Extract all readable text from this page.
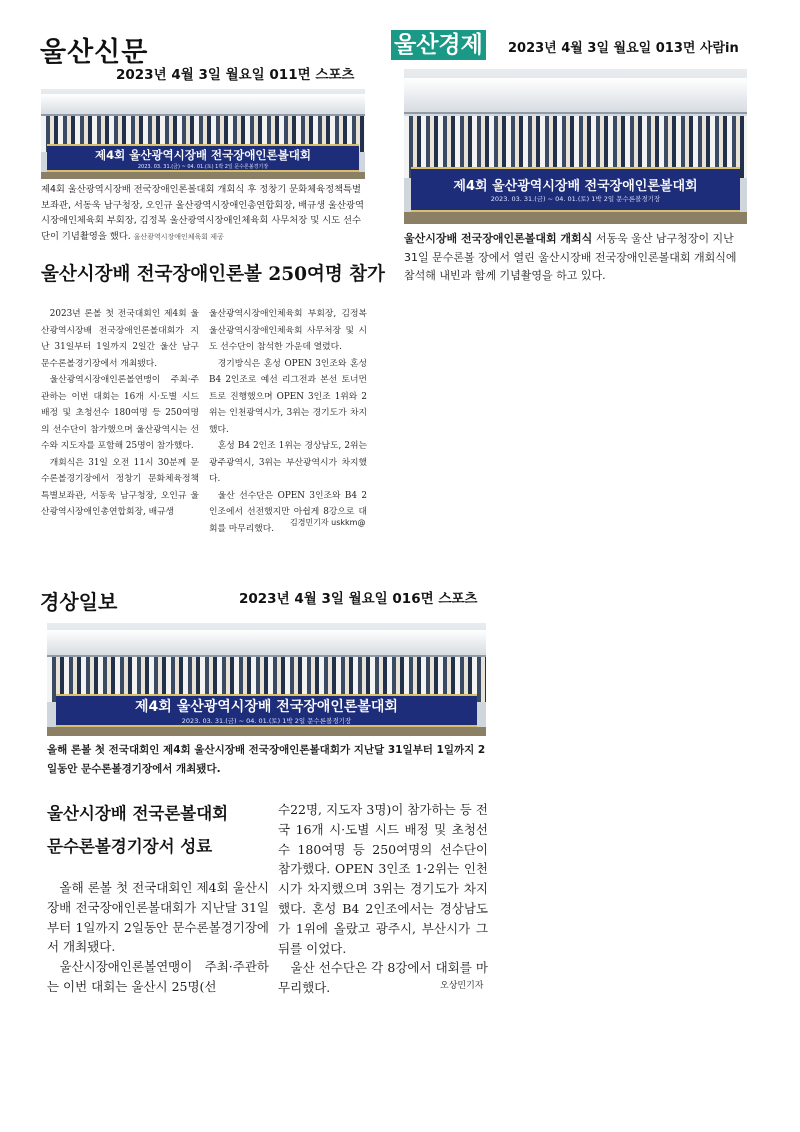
울산신문
2023년 4월 3일 월요일 011면 스포츠
제4회 울산광역시장배 전국장애인론볼대회
2023. 03. 31.(금) ~ 04. 01.(토) 1박 2일 문수론볼경기장
제4회 울산광역시장배 전국장애인론볼대회 개회식 후 정창기 문화체육정책특별보좌관, 서동욱 남구청장, 오인규 울산광역시장애인총연합회장, 배규생 울산광역시장애인체육회 부회장, 김정복 울산광역시장애인체육회 사무처장 및 시도 선수단이 기념촬영을 했다. 울산광역시장애인체육회 제공
울산시장배 전국장애인론볼 250여명 참가

2023년 론볼 첫 전국대회인 제4회 울산광역시장배 전국장애인론볼대회가 지난 31일부터 1일까지 2일간 울산 남구 문수론볼경기장에서 개최됐다.

울산광역시장애인론볼연맹이 주최·주관하는 이번 대회는 16개 시·도별 시드 배정 및 초청선수 180여명 등 250여명의 선수단이 참가했으며 울산광역시는 선수와 지도자를 포함해 25명이 참가했다.

개회식은 31일 오전 11시 30분께 문수론볼경기장에서 정창기 문화체육정책특별보좌관, 서동욱 남구청장, 오인규 울산광역시장애인총연합회장, 배규생

울산광역시장애인체육회 부회장, 김정복 울산광역시장애인체육회 사무처장 및 시도 선수단이 참석한 가운데 열렸다.

경기방식은 혼성 OPEN 3인조와 혼성 B4 2인조로 예선 리그전과 본선 토너먼트로 진행했으며 OPEN 3인조 1위와 2위는 인천광역시가, 3위는 경기도가 차지했다.

혼성 B4 2인조 1위는 경상남도, 2위는 광주광역시, 3위는 부산광역시가 차지했다.

울산 선수단은 OPEN 3인조와 B4 2인조에서 선전했지만 아쉽게 8강으로 대회를 마무리했다.

김경민기자 uskkm@
울산경제 2023년 4월 3일 월요일 013면 사람in
제4회 울산광역시장배 전국장애인론볼대회
2023. 03. 31.(금) ~ 04. 01.(토) 1박 2일 문수론볼경기장
울산시장배 전국장애인론볼대회 개회식 서동욱 울산 남구청장이 지난 31일 문수론볼 장에서 열린 울산시장배 전국장애인론볼대회 개회식에 참석해 내빈과 함께 기념촬영을 하고 있다.
경상일보	2023년 4월 3일 월요일 016면 스포츠
제4회 울산광역시장배 전국장애인론볼대회
2023. 03. 31.(금) ~ 04. 01.(토) 1박 2일 문수론볼경기장
올해 론볼 첫 전국대회인 제4회 울산시장배 전국장애인론볼대회가 지난달 31일부터 1일까지 2일동안 문수론볼경기장에서 개최됐다.
울산시장배 전국론볼대회
문수론볼경기장서 성료

올해 론볼 첫 전국대회인 제4회 울산시장배 전국장애인론볼대회가 지난달 31일부터 1일까지 2일동안 문수론볼경기장에서 개최됐다.

울산시장애인론볼연맹이 주최·주관하는 이번 대회는 울산시 25명(선

수22명, 지도자 3명)이 참가하는 등 전국 16개 시·도별 시드 배정 및 초청선수 180여명 등 250여명의 선수단이 참가했다. OPEN 3인조 1·2위는 인천시가 차지했으며 3위는 경기도가 차지했다. 혼성 B4 2인조에서는 경상남도가 1위에 올랐고 광주시, 부산시가 그 뒤를 이었다.

울산 선수단은 각 8강에서 대회를 마무리했다.	오상민기자
